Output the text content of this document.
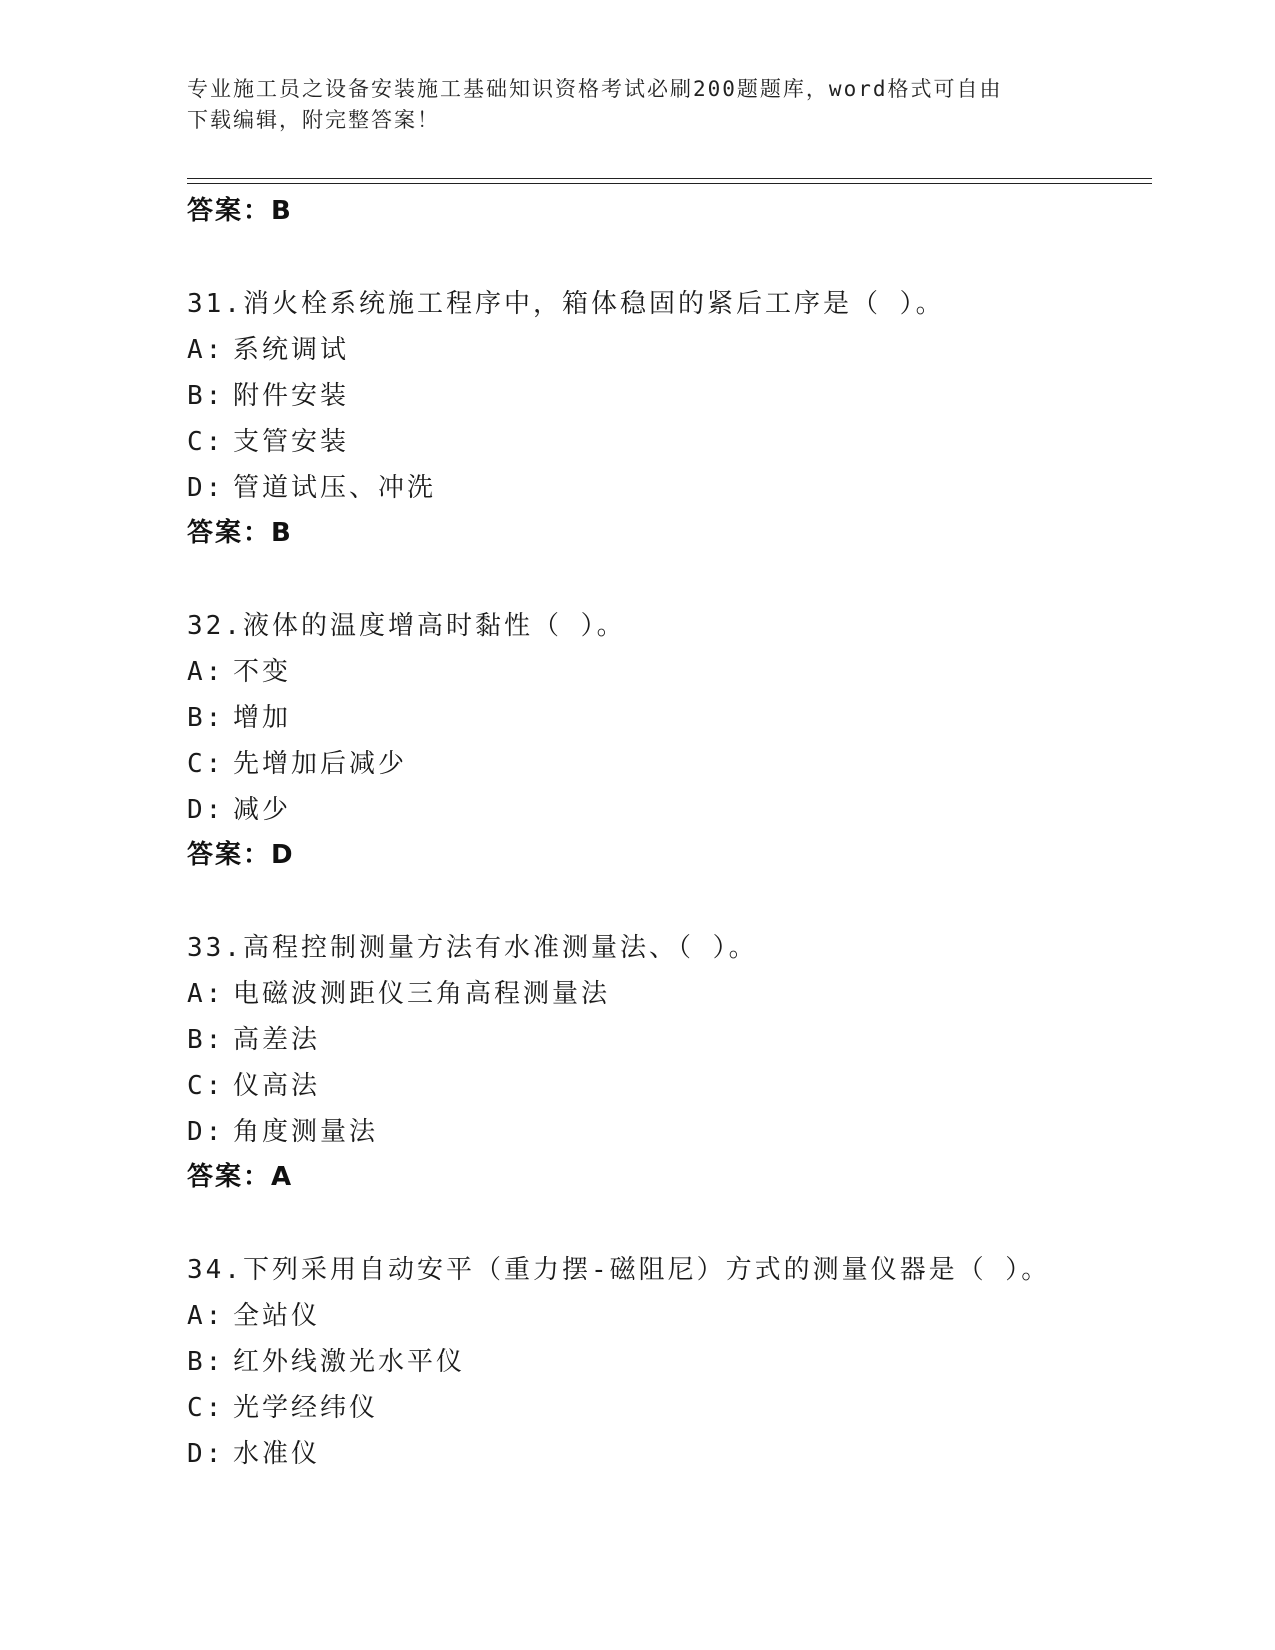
专业施工员之设备安装施工基础知识资格考试必刷200题题库，word格式可自由
下载编辑，附完整答案！
答案：B
31.消火栓系统施工程序中，箱体稳固的紧后工序是（ ）。
A: 系统调试
B: 附件安装
C: 支管安装
D: 管道试压、冲洗
答案：B
32.液体的温度增高时黏性（ ）。
A: 不变
B: 增加
C: 先增加后减少
D: 减少
答案：D
33.高程控制测量方法有水准测量法、（ ）。
A: 电磁波测距仪三角高程测量法
B: 高差法
C: 仪高法
D: 角度测量法
答案：A
34.下列采用自动安平（重力摆-磁阻尼）方式的测量仪器是（ ）。
A: 全站仪
B: 红外线激光水平仪
C: 光学经纬仪
D: 水准仪
